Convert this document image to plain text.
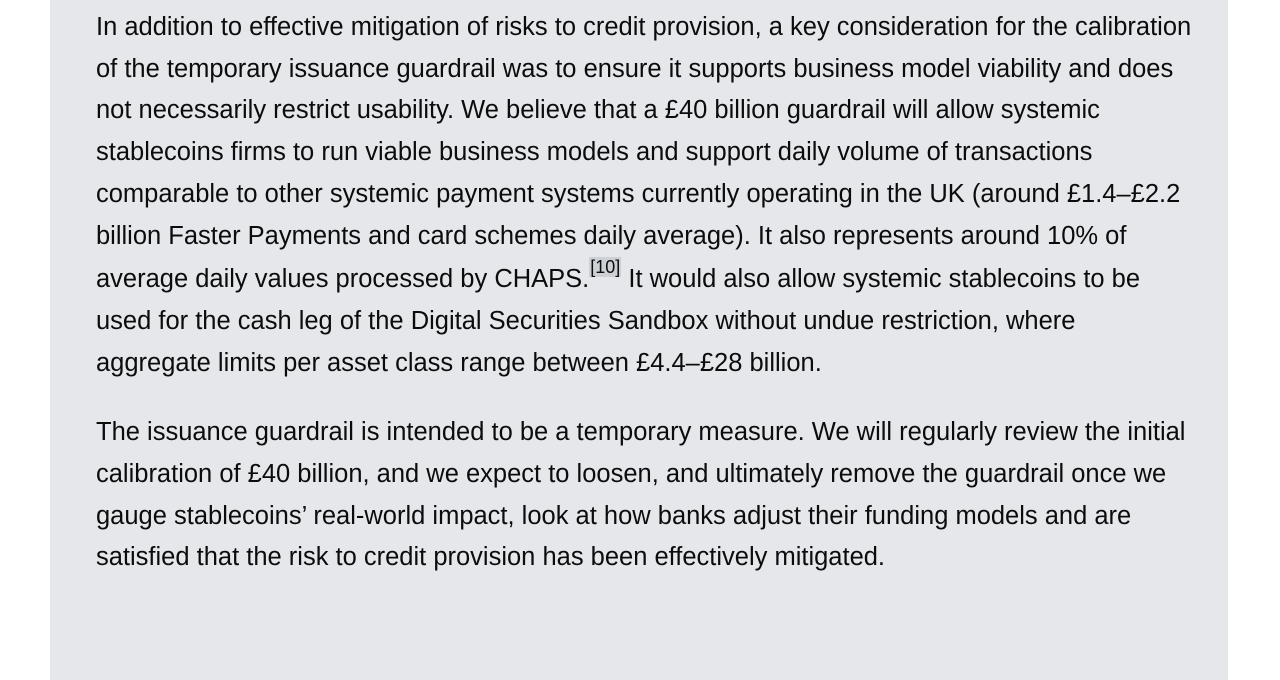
In addition to effective mitigation of risks to credit provision, a key consideration for the calibration of the temporary issuance guardrail was to ensure it supports business model viability and does not necessarily restrict usability. We believe that a £40 billion guardrail will allow systemic stablecoins firms to run viable business models and support daily volume of transactions comparable to other systemic payment systems currently operating in the UK (around £1.4–£2.2 billion Faster Payments and card schemes daily average). It also represents around 10% of average daily values processed by CHAPS.[10] It would also allow systemic stablecoins to be used for the cash leg of the Digital Securities Sandbox without undue restriction, where aggregate limits per asset class range between £4.4–£28 billion.

The issuance guardrail is intended to be a temporary measure. We will regularly review the initial calibration of £40 billion, and we expect to loosen, and ultimately remove the guardrail once we gauge stablecoins’ real-world impact, look at how banks adjust their funding models and are satisfied that the risk to credit provision has been effectively mitigated.
